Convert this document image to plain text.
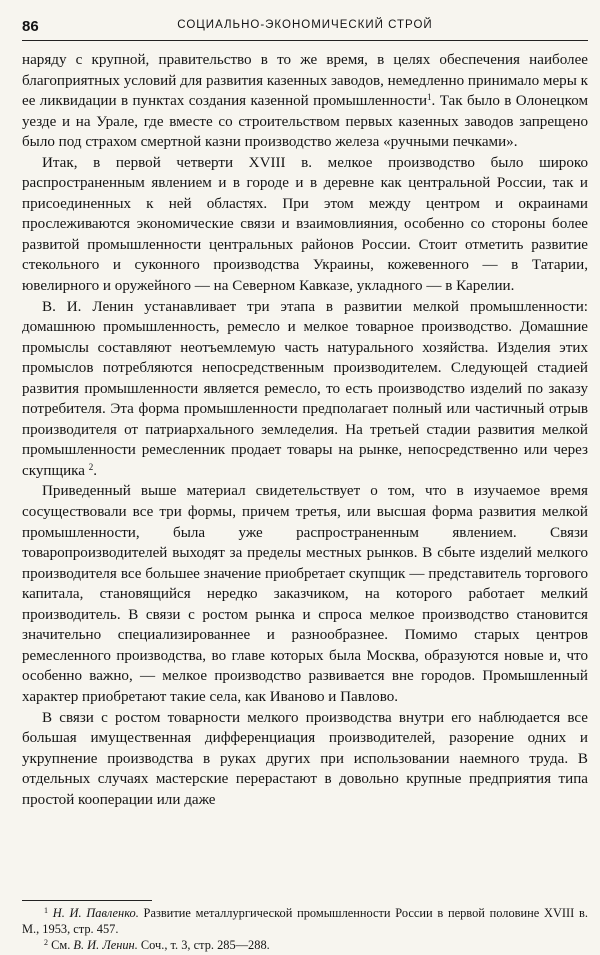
86	СОЦИАЛЬНО-ЭКОНОМИЧЕСКИЙ СТРОЙ

наряду с крупной, правительство в то же время, в целях обеспечения наиболее благоприятных условий для развития казенных заводов, немедленно принимало меры к ее ликвидации в пунктах создания казенной промышленности$^1$. Так было в Олонецком уезде и на Урале, где вместе со строительством первых казенных заводов запрещено было под страхом смертной казни производство железа «ручными печками».

Итак, в первой четверти XVIII в. мелкое производство было широко распространенным явлением и в городе и в деревне как центральной России, так и присоединенных к ней областях. При этом между центром и окраинами прослеживаются экономические связи и взаимовлияния, особенно со стороны более развитой промышленности центральных районов России. Стоит отметить развитие стекольного и суконного производства Украины, кожевенного — в Татарии, ювелирного и оружейного — на Северном Кавказе, укладного — в Карелии.

В. И. Ленин устанавливает три этапа в развитии мелкой промышленности: домашнюю промышленность, ремесло и мелкое товарное производство. Домашние промыслы составляют неотъемлемую часть натурального хозяйства. Изделия этих промыслов потребляются непосредственным производителем. Следующей стадией развития промышленности является ремесло, то есть производство изделий по заказу потребителя. Эта форма промышленности предполагает полный или частичный отрыв производителя от патриархального земледелия. На третьей стадии развития мелкой промышленности ремесленник продает товары на рынке, непосредственно или через скупщика $^2$.

Приведенный выше материал свидетельствует о том, что в изучаемое время сосуществовали все три формы, причем третья, или высшая форма развития мелкой промышленности, была уже распространенным явлением. Связи товаропроизводителей выходят за пределы местных рынков. В сбыте изделий мелкого производителя все большее значение приобретает скупщик — представитель торгового капитала, становящийся нередко заказчиком, на которого работает мелкий производитель. В связи с ростом рынка и спроса мелкое производство становится значительно специализированнее и разнообразнее. Помимо старых центров ремесленного производства, во главе которых была Москва, образуются новые и, что особенно важно, — мелкое производство развивается вне городов. Промышленный характер приобретают такие села, как Иваново и Павлово.

В связи с ростом товарности мелкого производства внутри его наблюдается все большая имущественная дифференциация производителей, разорение одних и укрупнение производства в руках других при использовании наемного труда. В отдельных случаях мастерские перерастают в довольно крупные предприятия типа простой кооперации или даже

$^1$ Н. И. Павленко. Развитие металлургической промышленности России в первой половине XVIII в. М., 1953, стр. 457.

$^2$ См. В. И. Ленин. Соч., т. 3, стр. 285—288.
